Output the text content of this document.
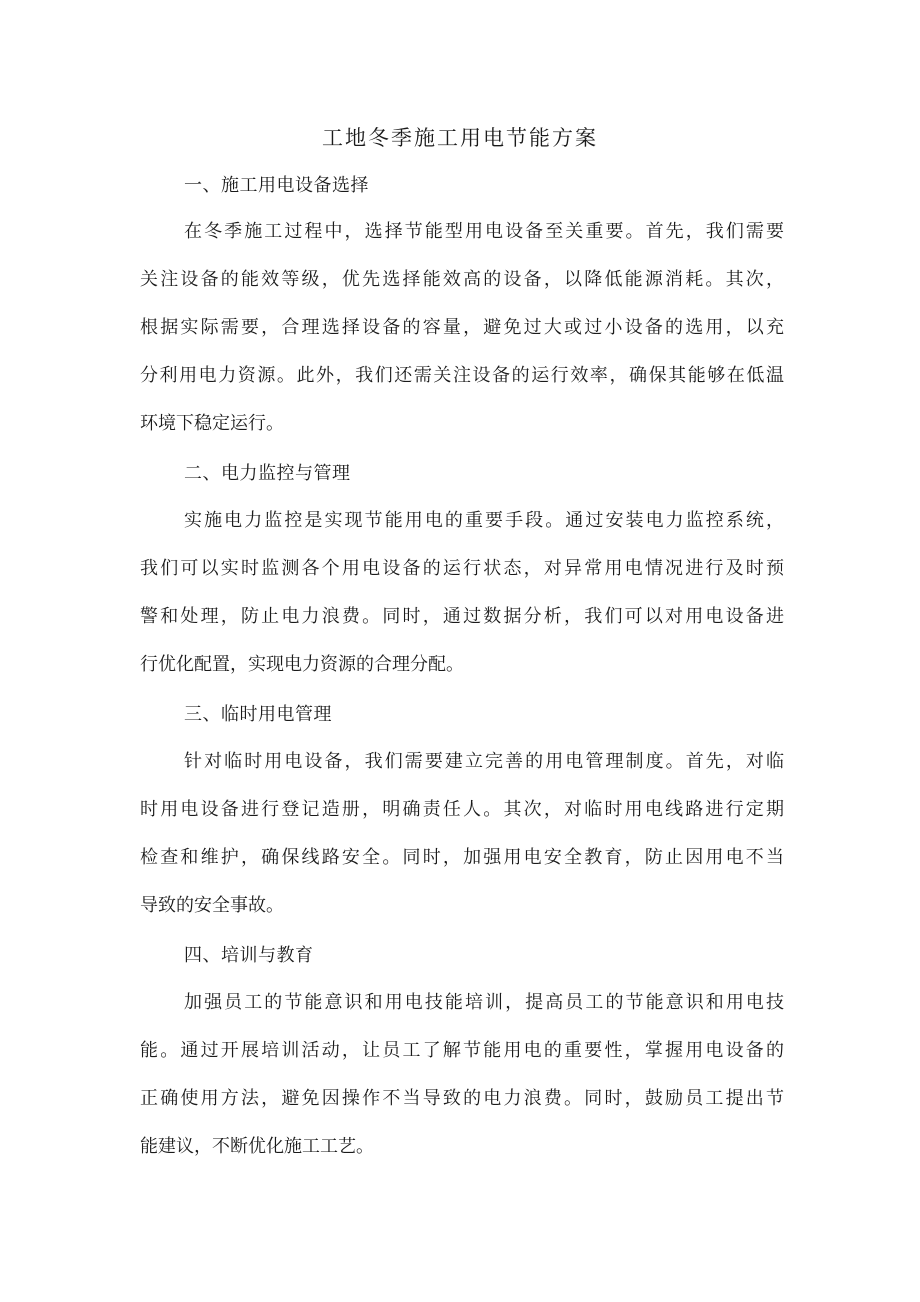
工地冬季施工用电节能方案
一、施工用电设备选择
在冬季施工过程中，选择节能型用电设备至关重要。首先，我们需要
关注设备的能效等级，优先选择能效高的设备，以降低能源消耗。其次，
根据实际需要，合理选择设备的容量，避免过大或过小设备的选用，以充
分利用电力资源。此外，我们还需关注设备的运行效率，确保其能够在低温
环境下稳定运行。
二、电力监控与管理
实施电力监控是实现节能用电的重要手段。通过安装电力监控系统，
我们可以实时监测各个用电设备的运行状态，对异常用电情况进行及时预
警和处理，防止电力浪费。同时，通过数据分析，我们可以对用电设备进
行优化配置，实现电力资源的合理分配。
三、临时用电管理
针对临时用电设备，我们需要建立完善的用电管理制度。首先，对临
时用电设备进行登记造册，明确责任人。其次，对临时用电线路进行定期
检查和维护，确保线路安全。同时，加强用电安全教育，防止因用电不当
导致的安全事故。
四、培训与教育
加强员工的节能意识和用电技能培训，提高员工的节能意识和用电技
能。通过开展培训活动，让员工了解节能用电的重要性，掌握用电设备的
正确使用方法，避免因操作不当导致的电力浪费。同时，鼓励员工提出节
能建议，不断优化施工工艺。
